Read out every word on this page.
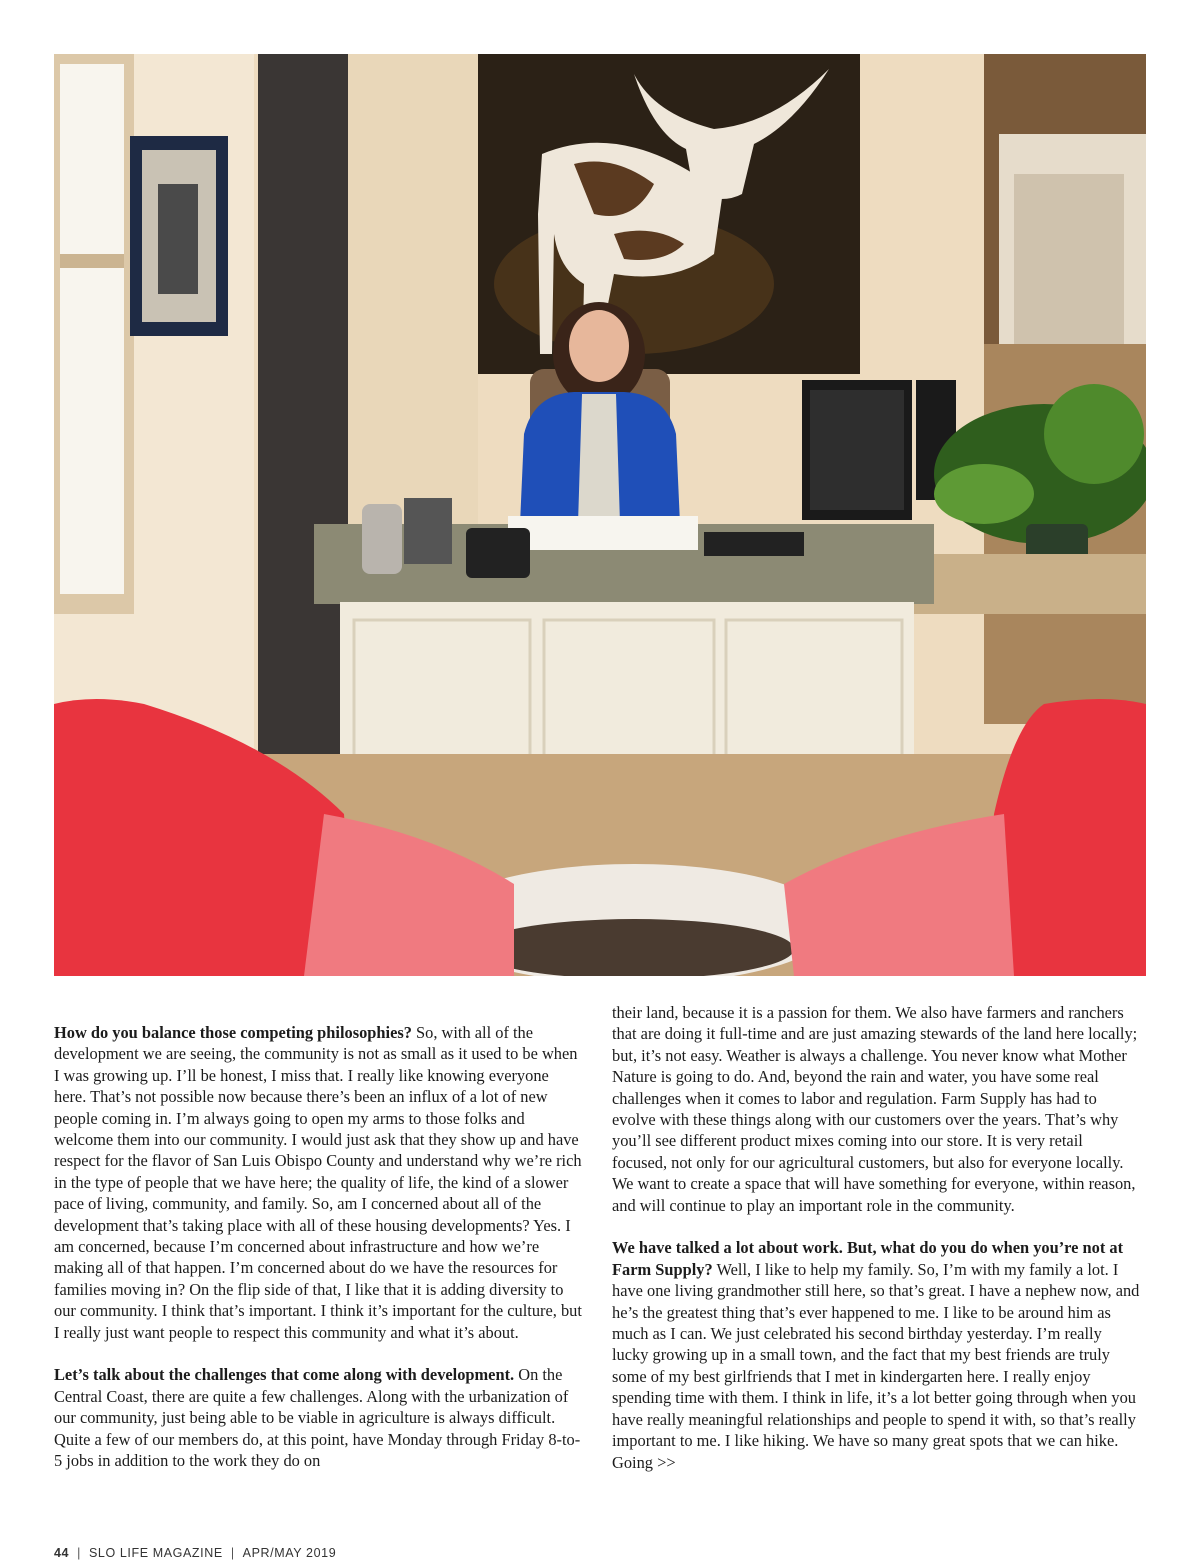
How do you balance those competing philosophies? So, with all of the development we are seeing, the community is not as small as it used to be when I was growing up. I’ll be honest, I miss that. I really like knowing everyone here. That’s not possible now because there’s been an influx of a lot of new people coming in. I’m always going to open my arms to those folks and welcome them into our community. I would just ask that they show up and have respect for the flavor of San Luis Obispo County and understand why we’re rich in the type of people that we have here; the quality of life, the kind of a slower pace of living, community, and family. So, am I concerned about all of the development that’s taking place with all of these housing developments? Yes. I am concerned, because I’m concerned about infrastructure and how we’re making all of that happen. I’m concerned about do we have the resources for families moving in? On the flip side of that, I like that it is adding diversity to our community. I think that’s important. I think it’s important for the culture, but I really just want people to respect this community and what it’s about.

Let’s talk about the challenges that come along with development. On the Central Coast, there are quite a few challenges. Along with the urbanization of our community, just being able to be viable in agriculture is always difficult. Quite a few of our members do, at this point, have Monday through Friday 8-to-5 jobs in addition to the work they do on

their land, because it is a passion for them. We also have farmers and ranchers that are doing it full-time and are just amazing stewards of the land here locally; but, it’s not easy. Weather is always a challenge. You never know what Mother Nature is going to do. And, beyond the rain and water, you have some real challenges when it comes to labor and regulation. Farm Supply has had to evolve with these things along with our customers over the years. That’s why you’ll see different product mixes coming into our store. It is very retail focused, not only for our agricultural customers, but also for everyone locally. We want to create a space that will have something for everyone, within reason, and will continue to play an important role in the community.

We have talked a lot about work. But, what do you do when you’re not at Farm Supply? Well, I like to help my family. So, I’m with my family a lot. I have one living grandmother still here, so that’s great. I have a nephew now, and he’s the greatest thing that’s ever happened to me. I like to be around him as much as I can. We just celebrated his second birthday yesterday. I’m really lucky growing up in a small town, and the fact that my best friends are truly some of my best girlfriends that I met in kindergarten here. I really enjoy spending time with them. I think in life, it’s a lot better going through when you have really meaningful relationships and people to spend it with, so that’s really important to me. I like hiking. We have so many great spots that we can hike. Going >>

44 | SLO LIFE MAGAZINE | APR/MAY 2019
